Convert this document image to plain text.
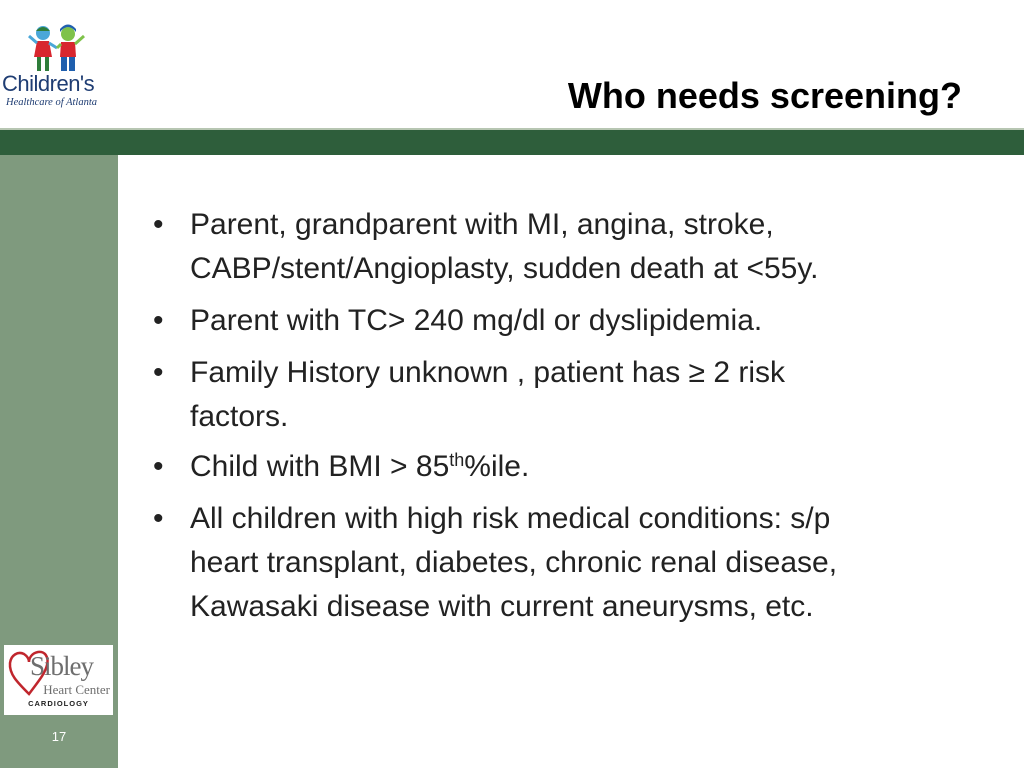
Children's
Healthcare of Atlanta	Who needs screening?
Sibley
Heart Center
CARDIOLOGY
17
•
Parent, grandparent with MI, angina, stroke,
CABP/stent/Angioplasty, sudden death at <55y.
•
Parent with TC> 240 mg/dl or dyslipidemia.
•
Family History unknown , patient has ≥ 2 risk
factors.
•
Child with BMI > 85th%ile.
•
All children with high risk medical conditions: s/p
heart transplant, diabetes, chronic renal disease,
Kawasaki disease with current aneurysms, etc.
